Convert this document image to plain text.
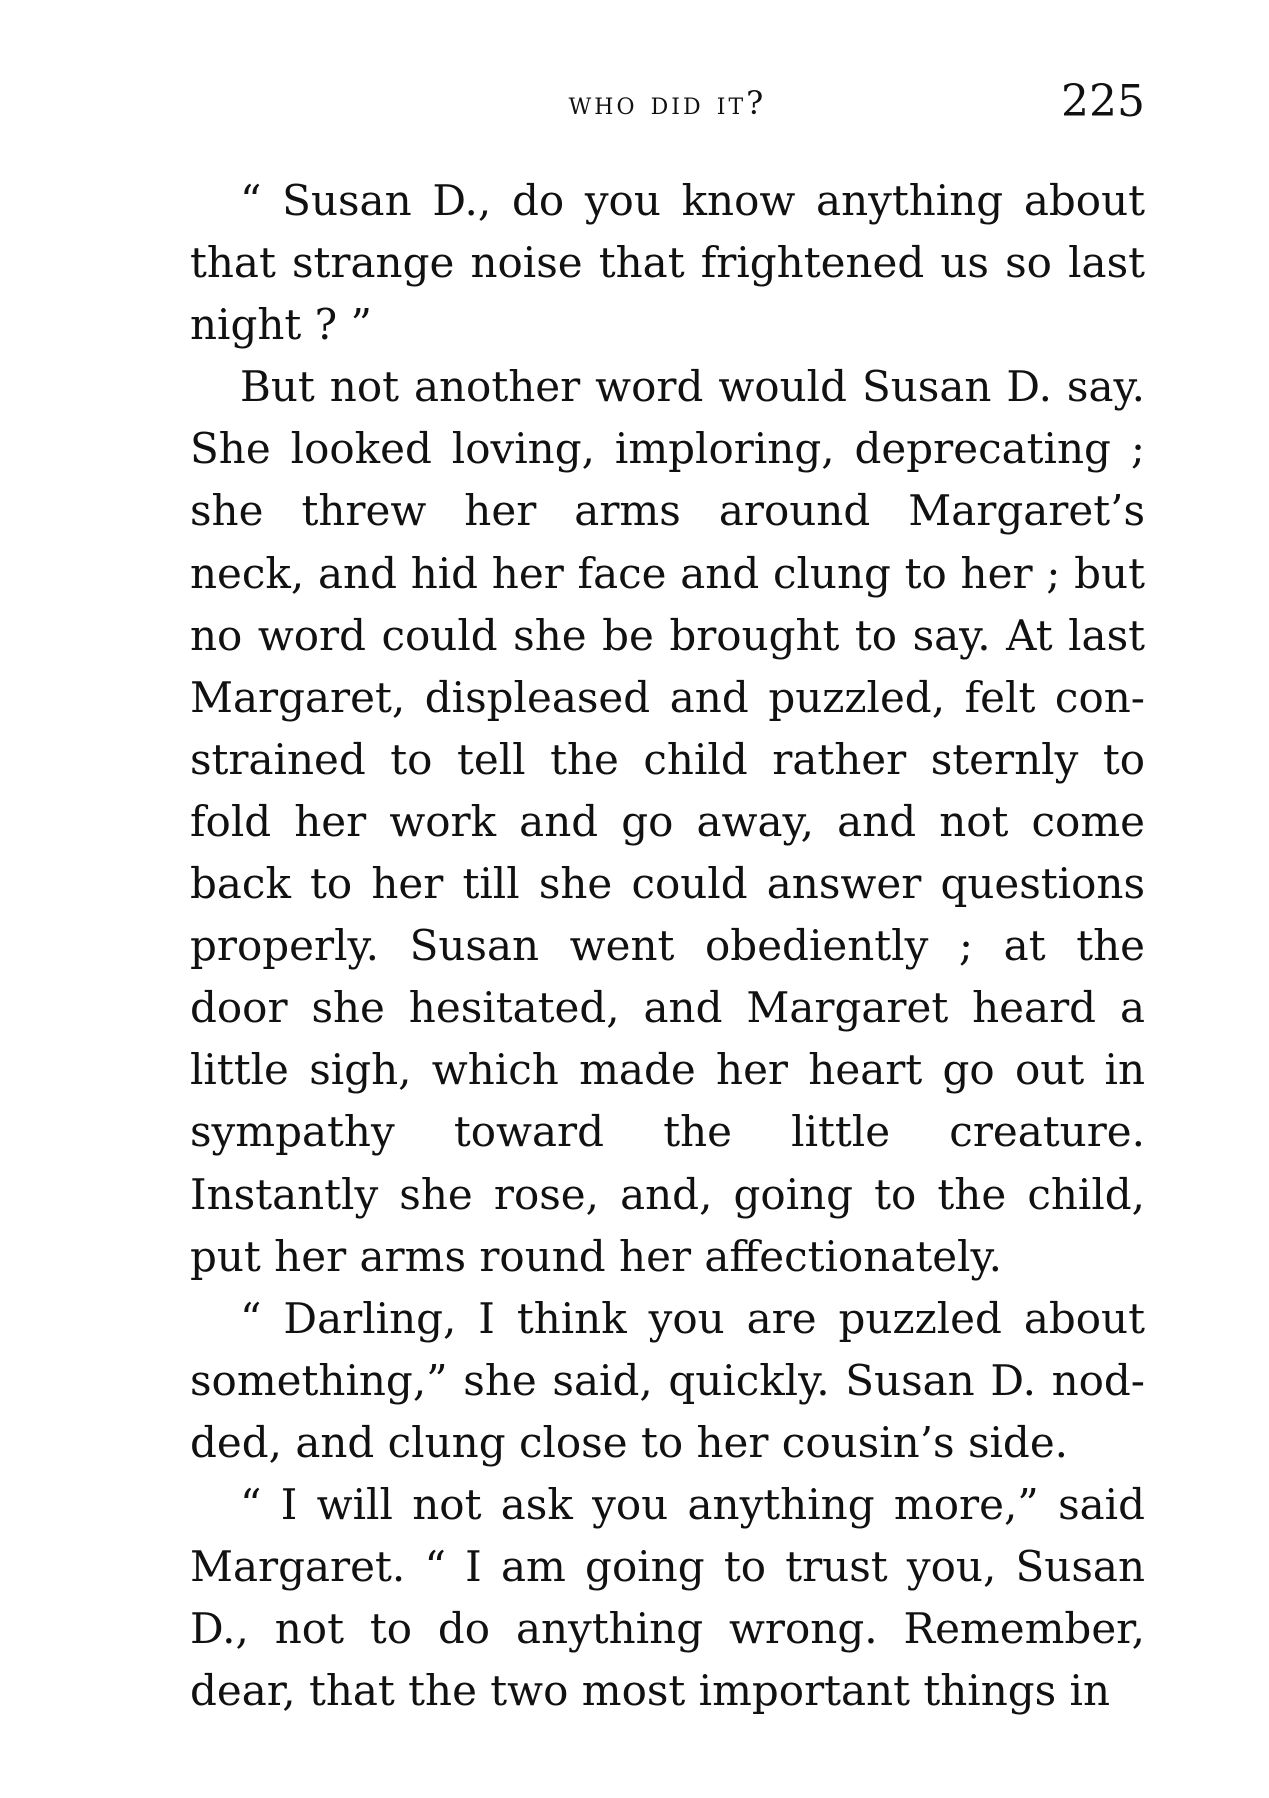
who did it?	225

“ Susan D., do you know anything about that strange noise that frightened us so last night ? ”

But not another word would Susan D. say. She looked loving, imploring, deprecating ; she threw her arms around Margaret’s neck, and hid her face and clung to her ; but no word could she be brought to say. At last Margaret, displeased and puzzled, felt constrained to tell the child rather sternly to fold her work and go away, and not come back to her till she could answer questions properly. Susan went obediently ; at the door she hesitated, and Margaret heard a little sigh, which made her heart go out in sympathy toward the little creature. Instantly she rose, and, going to the child, put her arms round her affectionately.

“ Darling, I think you are puzzled about something,” she said, quickly. Susan D. nodded, and clung close to her cousin’s side.

“ I will not ask you anything more,” said Margaret. “ I am going to trust you, Susan D., not to do anything wrong. Remember, dear, that the two most important things in
